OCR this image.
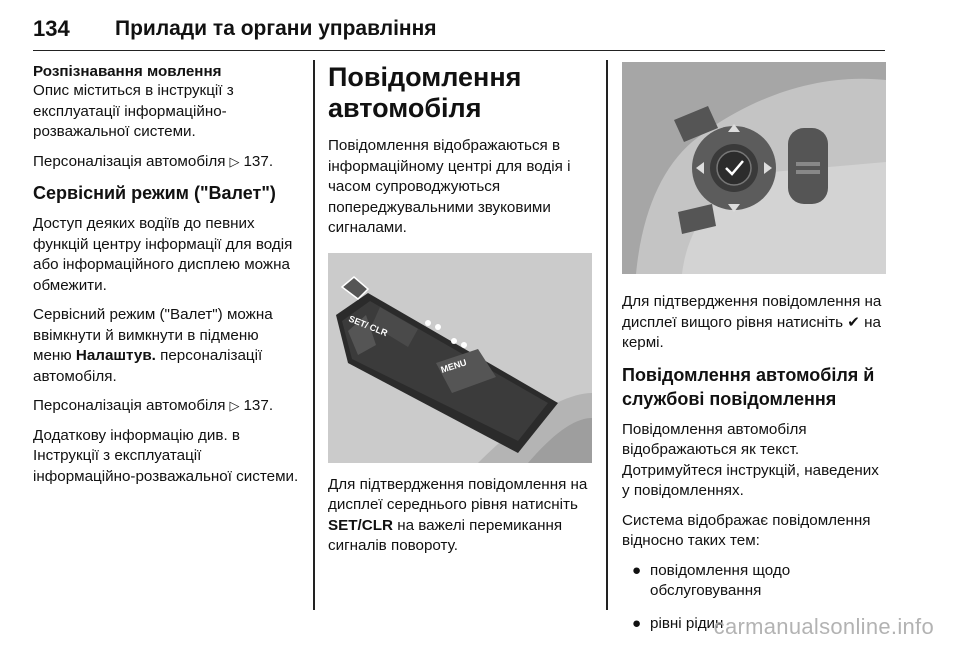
134 Прилади та органи управління

Розпізнавання мовлення

Опис міститься в інструкції з експлуатації інформаційно-розважальної системи.

Персоналізація автомобіля ▷ 137.

Сервісний режим ("Валет")

Доступ деяких водіїв до певних функцій центру інформації для водія або інформаційного дисплею можна обмежити.

Сервісний режим ("Валет") можна ввімкнути й вимкнути в підменю меню Налаштув. персоналізації автомобіля.

Персоналізація автомобіля ▷ 137.

Додаткову інформацію див. в Інструкції з експлуатації інформаційно-розважальної системи.

Повідомлення автомобіля

Повідомлення відображаються в інформаційному центрі для водія і часом супроводжуються попереджувальними звуковими сигналами.

SET/ CLR
MENU

Для підтвердження повідомлення на дисплеї середнього рівня натисніть SET/CLR на важелі перемикання сигналів повороту.

Для підтвердження повідомлення на дисплеї вищого рівня натисніть ✔ на кермі.

Повідомлення автомобіля й службові повідомлення

Повідомлення автомобіля відображаються як текст. Дотримуйтеся інструкцій, наведених у повідомленнях.

Система відображає повідомлення відносно таких тем:

● повідомлення щодо обслуговування
● рівні рідин
carmanualsonline.info
